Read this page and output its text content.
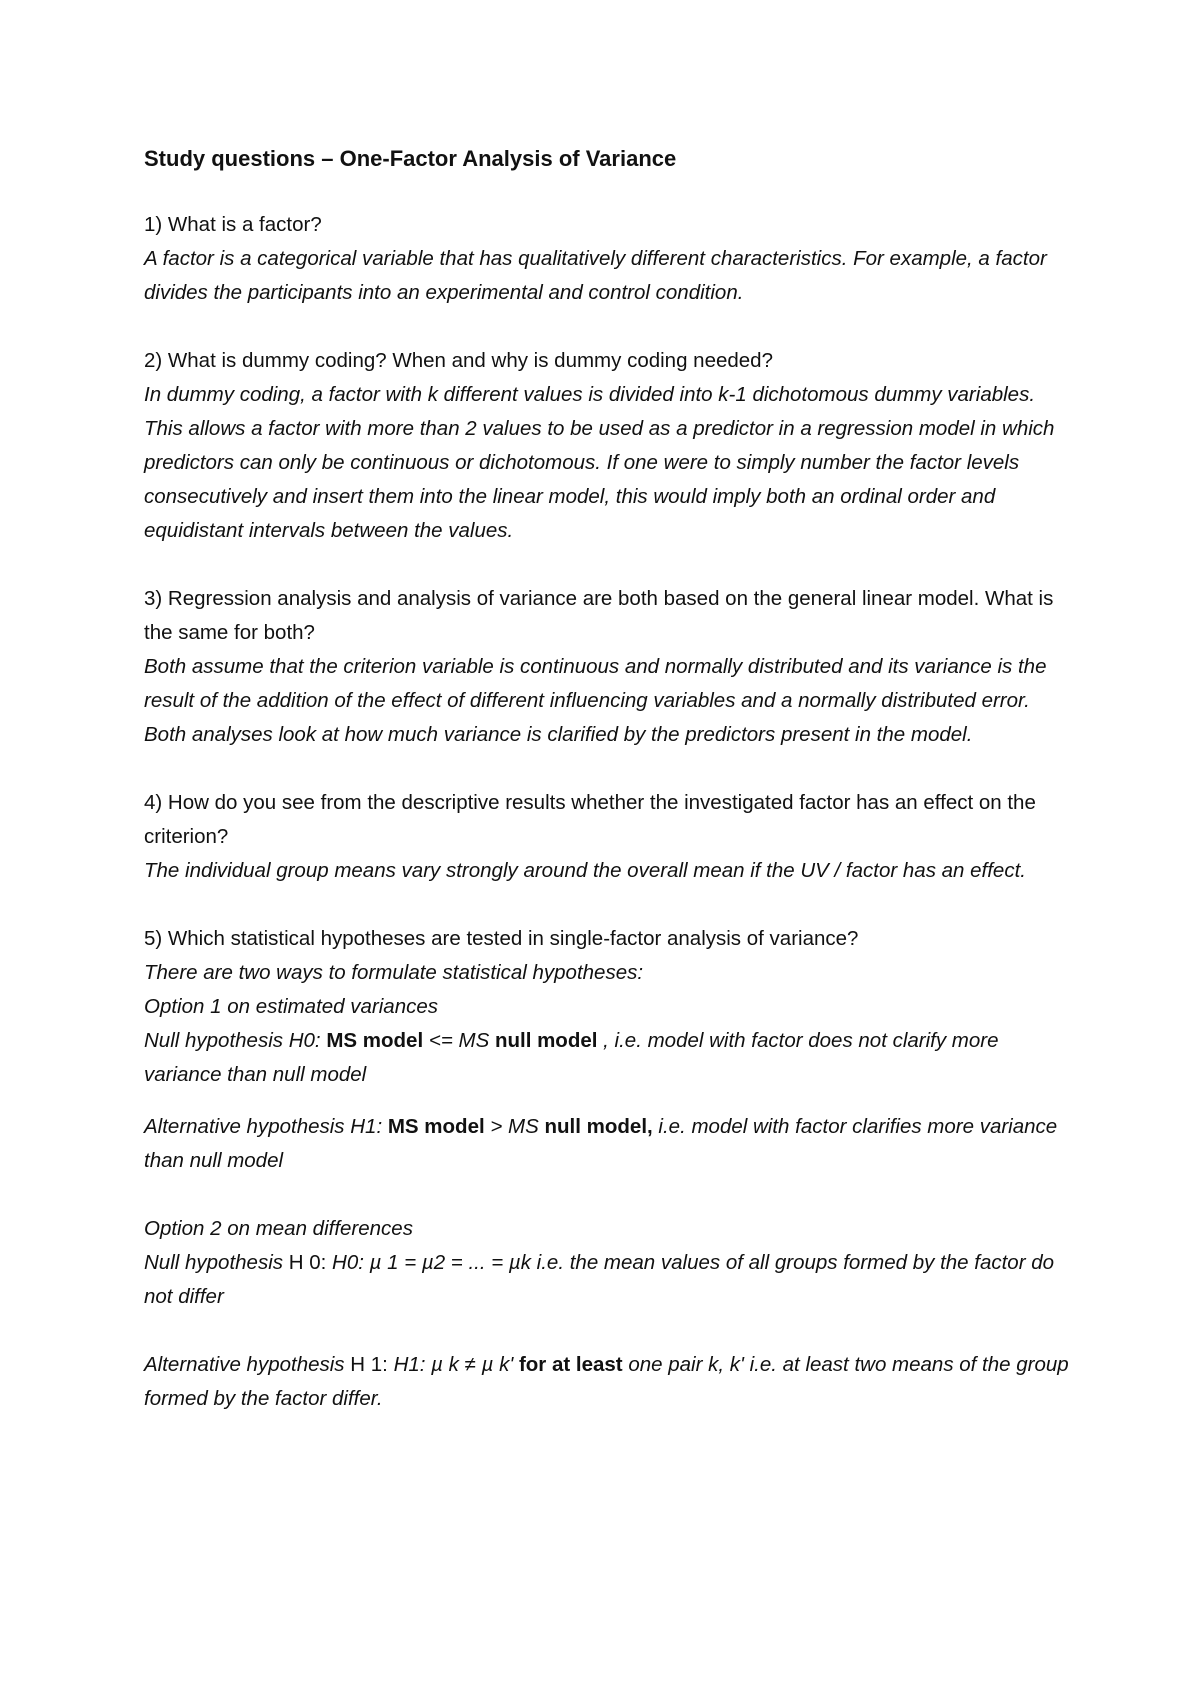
Study questions – One-Factor Analysis of Variance
1) What is a factor?
A factor is a categorical variable that has qualitatively different characteristics. For example, a factor divides the participants into an experimental and control condition.
2) What is dummy coding? When and why is dummy coding needed?
In dummy coding, a factor with k different values is divided into k-1 dichotomous dummy variables. This allows a factor with more than 2 values to be used as a predictor in a regression model in which predictors can only be continuous or dichotomous. If one were to simply number the factor levels consecutively and insert them into the linear model, this would imply both an ordinal order and equidistant intervals between the values.
3) Regression analysis and analysis of variance are both based on the general linear model. What is the same for both?
Both assume that the criterion variable is continuous and normally distributed and its variance is the result of the addition of the effect of different influencing variables and a normally distributed error. Both analyses look at how much variance is clarified by the predictors present in the model.
4) How do you see from the descriptive results whether the investigated factor has an effect on the criterion?
The individual group means vary strongly around the overall mean if the UV / factor has an effect.
5) Which statistical hypotheses are tested in single-factor analysis of variance?
There are two ways to formulate statistical hypotheses:
Option 1 on estimated variances
Null hypothesis H0: MS model <= MS null model , i.e. model with factor does not clarify more variance than null model
Alternative hypothesis H1: MS model > MS null model, i.e. model with factor clarifies more variance than null model
Option 2 on mean differences
Null hypothesis H 0: H0: µ 1 = µ2 = ... = µk i.e. the mean values of all groups formed by the factor do not differ
Alternative hypothesis H 1: H1: µ k ≠ µ k' for at least one pair k, k' i.e. at least two means of the group formed by the factor differ.
